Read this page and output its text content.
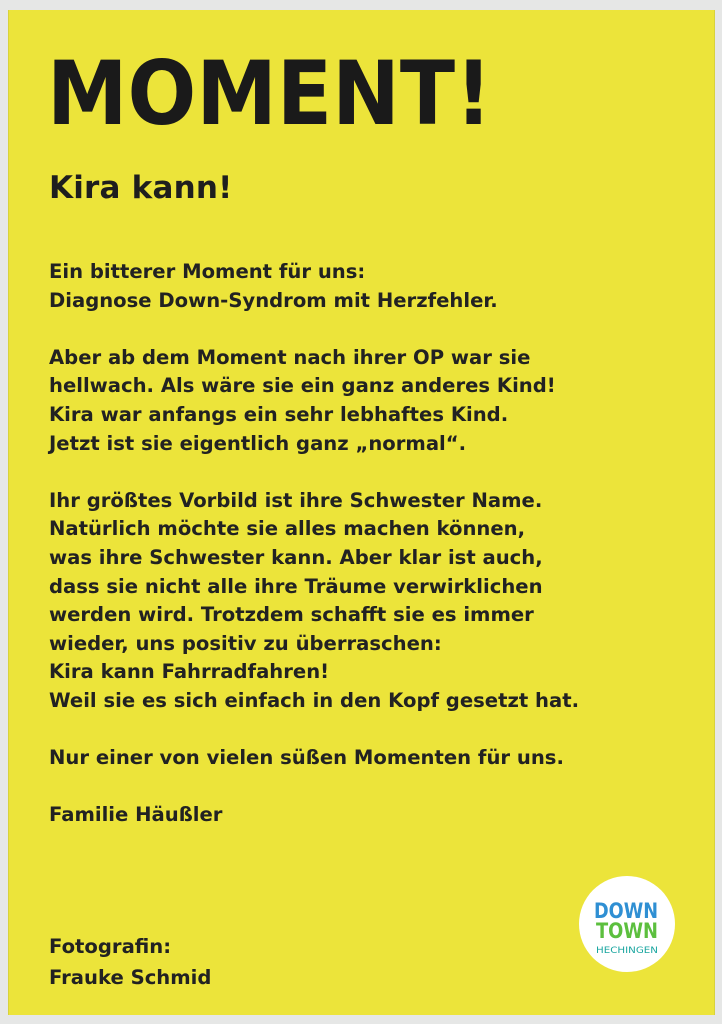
MOMENT!
Kira kann!

Ein bitterer Moment für uns:
Diagnose Down-Syndrom mit Herzfehler.

Aber ab dem Moment nach ihrer OP war sie
hellwach. Als wäre sie ein ganz anderes Kind!
Kira war anfangs ein sehr lebhaftes Kind.
Jetzt ist sie eigentlich ganz „normal“.

Ihr größtes Vorbild ist ihre Schwester Name.
Natürlich möchte sie alles machen können,
was ihre Schwester kann. Aber klar ist auch,
dass sie nicht alle ihre Träume verwirklichen
werden wird. Trotzdem schafft sie es immer
wieder, uns positiv zu überraschen:
Kira kann Fahrradfahren!
Weil sie es sich einfach in den Kopf gesetzt hat.

Nur einer von vielen süßen Momenten für uns.

Familie Häußler

Fotografin:
Frauke Schmid
DOWN
TOWN
HECHINGEN
